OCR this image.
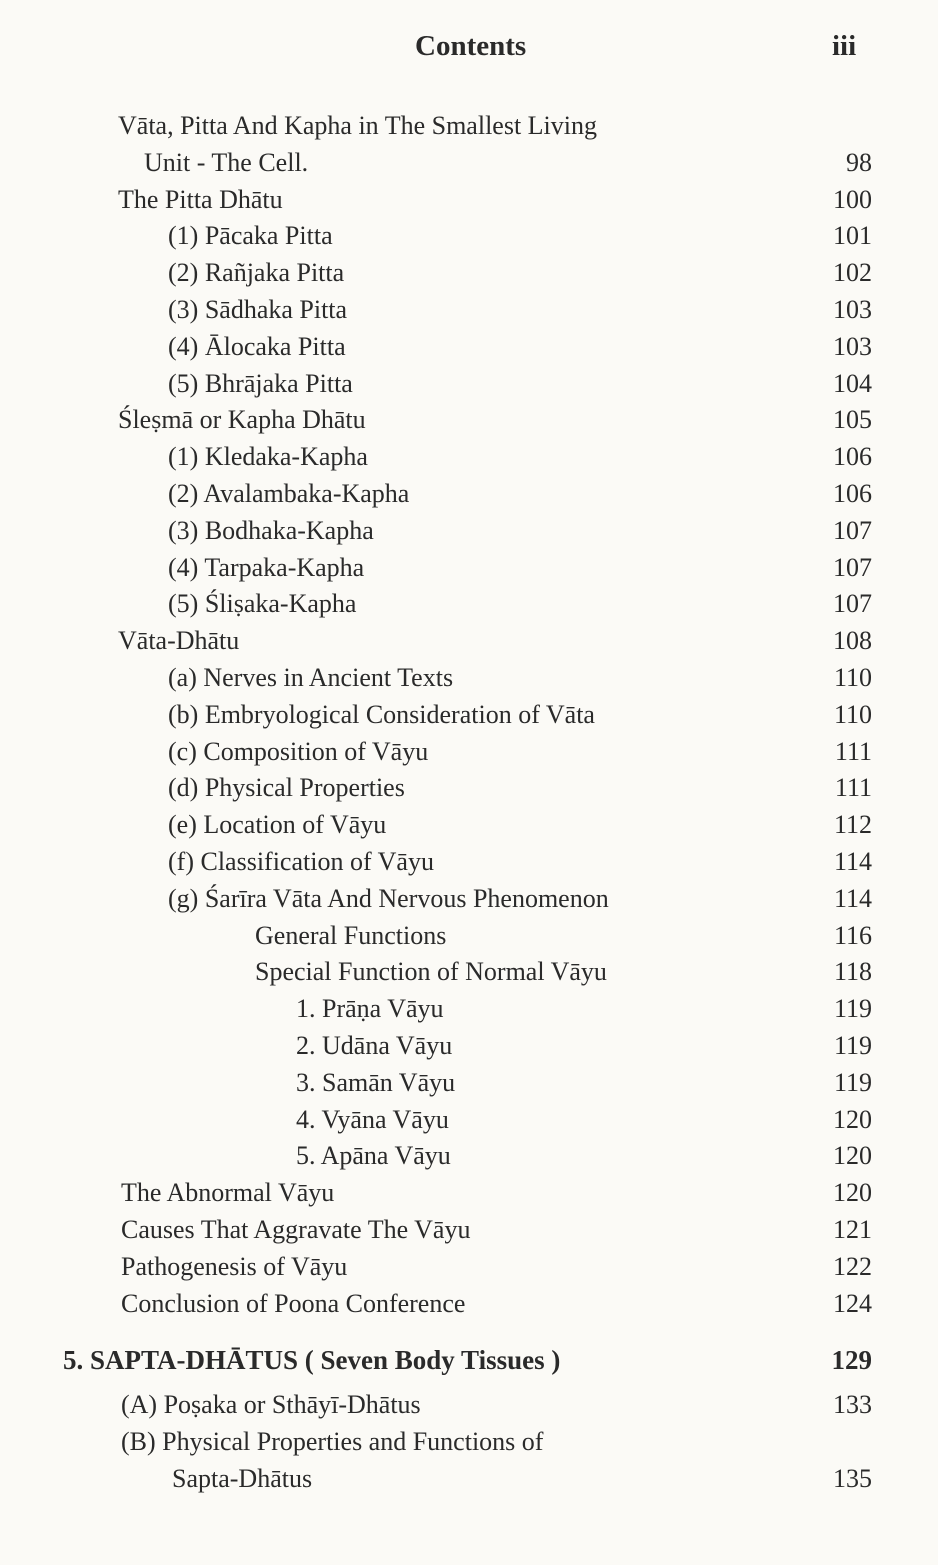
Contents	iii
Vāta, Pitta And Kapha in The Smallest Living
Unit - The Cell.	98
The Pitta Dhātu	100
(1) Pācaka Pitta	101
(2) Rañjaka Pitta	102
(3) Sādhaka Pitta	103
(4) Ālocaka Pitta	103
(5) Bhrājaka Pitta	104
Śleṣmā or Kapha Dhātu	105
(1) Kledaka-Kapha	106
(2) Avalambaka-Kapha	106
(3) Bodhaka-Kapha	107
(4) Tarpaka-Kapha	107
(5) Śliṣaka-Kapha	107
Vāta-Dhātu	108
(a) Nerves in Ancient Texts	110
(b) Embryological Consideration of Vāta	110
(c) Composition of Vāyu	111
(d) Physical Properties	111
(e) Location of Vāyu	112
(f) Classification of Vāyu	114
(g) Śarīra Vāta And Nervous Phenomenon	114
General Functions	116
Special Function of Normal Vāyu	118
1. Prāṇa Vāyu	119
2. Udāna Vāyu	119
3. Samān Vāyu	119
4. Vyāna Vāyu	120
5. Apāna Vāyu	120
The Abnormal Vāyu	120
Causes That Aggravate The Vāyu	121
Pathogenesis of Vāyu	122
Conclusion of Poona Conference	124
5. SAPTA-DHĀTUS ( Seven Body Tissues )	129
(A) Poṣaka or Sthāyī-Dhātus	133
(B) Physical Properties and Functions of
Sapta-Dhātus	135
